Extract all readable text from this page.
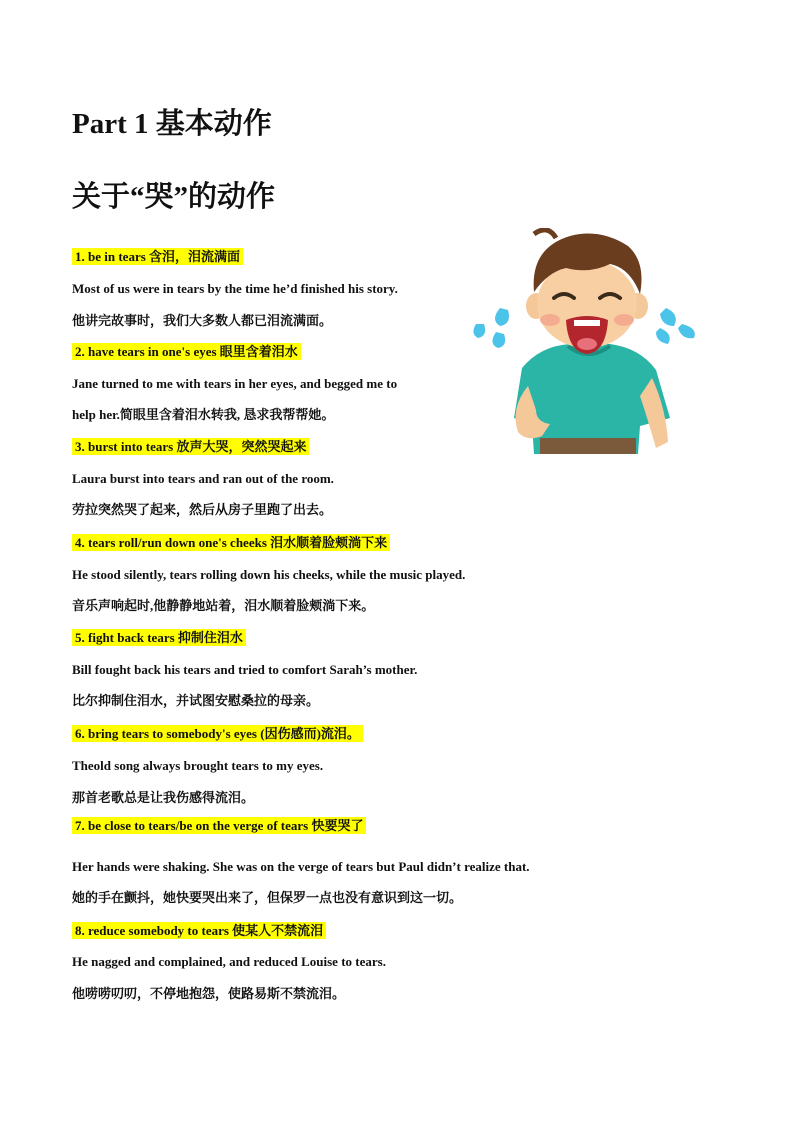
Part 1 基本动作
关于“哭”的动作
1. be in tears 含泪，泪流满面
Most of us were in tears by the time he’d finished his story.
他讲完故事时，我们大多数人都已泪流满面。
2. have tears in one's eyes 眼里含着泪水
Jane turned to me with tears in her eyes, and begged me to
help her.简眼里含着泪水转我, 恳求我帮帮她。
3. burst into tears 放声大哭，突然哭起来
Laura burst into tears and ran out of the room.
劳拉突然哭了起来，然后从房子里跑了出去。
4. tears roll/run down one's cheeks 泪水顺着脸颊淌下来
He stood silently, tears rolling down his cheeks, while the music played.
音乐声响起时,他静静地站着，泪水顺着脸颊淌下来。
5. fight back tears 抑制住泪水
Bill fought back his tears and tried to comfort Sarah’s mother.
比尔抑制住泪水，并试图安慰桑拉的母亲。
6. bring tears to somebody's eyes (因伤感而)流泪。
Theold song always brought tears to my eyes.
那首老歌总是让我伤感得流泪。
7. be close to tears/be on the verge of tears 快要哭了
Her hands were shaking. She was on the verge of tears but Paul didn’t realize that.
她的手在颤抖，她快要哭出来了，但保罗一点也没有意识到这一切。
8. reduce somebody to tears 使某人不禁流泪
He nagged and complained, and reduced Louise to tears.
他唠唠叨叨，不停地抱怨，使路易斯不禁流泪。
